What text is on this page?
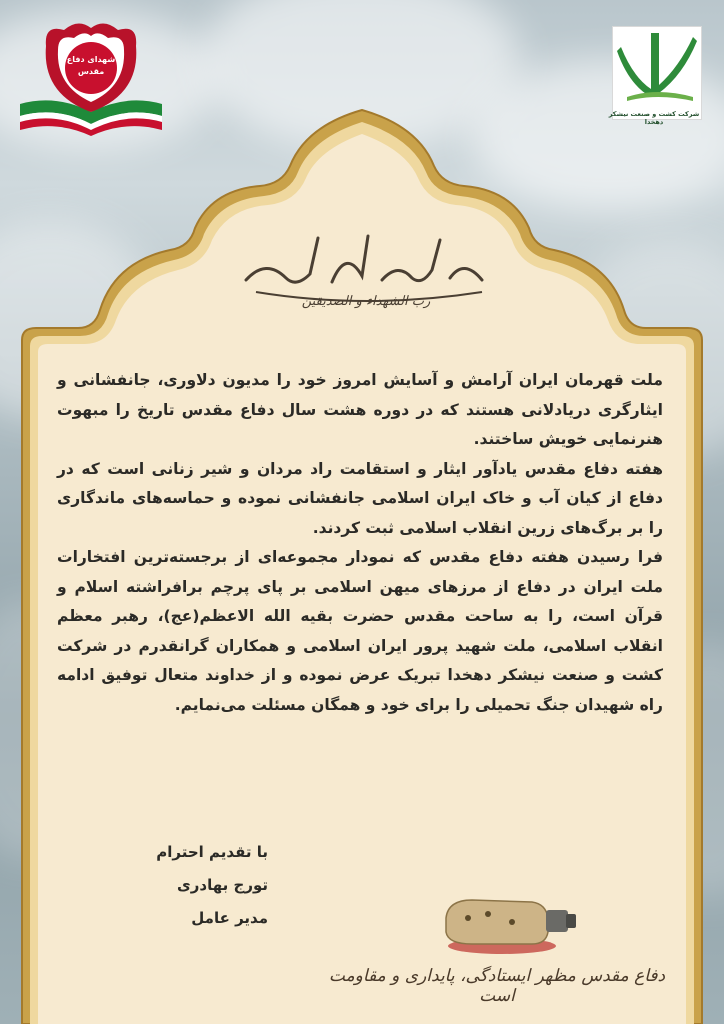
شهدای دفاع مقدس
شرکت کشت و صنعت نیشکر دهخدا
رب الشهداء و الصدیقین

ملت قهرمان ایران آرامش و آسایش امروز خود را مدیون دلاوری، جانفشانی و ایثارگری دریادلانی هستند که در دوره هشت سال دفاع مقدس تاریخ را مبهوت هنرنمایی خویش ساختند.

هفته دفاع مقدس یادآور ایثار و استقامت راد مردان و شیر زنانی است که در دفاع از کیان آب و خاک ایران اسلامی جانفشانی نموده و حماسه‌های ماندگاری را بر برگ‌های زرین انقلاب اسلامی ثبت کردند.

فرا رسیدن هفته دفاع مقدس که نمودار مجموعه‌ای از برجسته‌ترین افتخارات ملت ایران در دفاع از مرزهای میهن اسلامی بر پای پرچم برافراشته اسلام و قرآن است، را به ساحت مقدس حضرت بقیه الله الاعظم(عج)، رهبر معظم انقلاب اسلامی، ملت شهید پرور ایران اسلامی و همکاران گرانقدرم در شرکت کشت و صنعت نیشکر دهخدا تبریک عرض نموده و از خداوند متعال توفیق ادامه راه شهیدان جنگ تحمیلی را برای خود و همگان مسئلت می‌نمایم.

با تقدیم احترام
تورج بهادری
مدیر عامل
دفاع مقدس مظهر ایستادگی، پایداری و مقاومت است
